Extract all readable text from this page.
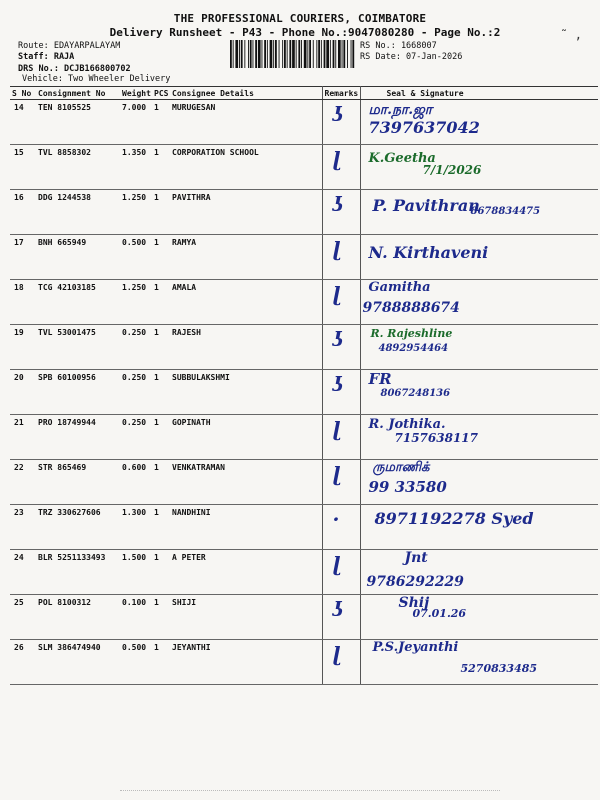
THE PROFESSIONAL COURIERS, COIMBATORE
Delivery Runsheet - P43 - Phone No.:9047080280 - Page No.:2
Route: EDAYARPALAYAM
Staff: RAJA
DRS No.: DCJB166800702
Vehicle: Two Wheeler Delivery
RS No.: 1668007
RS Date: 07-Jan-2026
˜ ,
S No	Consignment No	Weight	PCS	Consignee Details	Remarks	Seal & Signature
14	TEN 8105525	7.000	1	MURUGESAN	ʖ	மா.நா.ஜா
7397637042

15	TVL 8858302	1.350	1	CORPORATION SCHOOL	ɭ	K.Geetha
7/1/2026

16	DDG 1244538	1.250	1	PAVITHRA	ʖ	P. Pavithran
8678834475

17	BNH 665949	0.500	1	RAMYA	ɭ	N. Kirthaveni

18	TCG 42103185	1.250	1	AMALA	ɭ	Gamitha
9788888674

19	TVL 53001475	0.250	1	RAJESH	ʖ	R. Rajeshline
4892954464

20	SPB 60100956	0.250	1	SUBBULAKSHMI	ʖ	FR
8067248136

21	PRO 18749944	0.250	1	GOPINATH	ɭ	R. Jothika.
7157638117

22	STR 865469	0.600	1	VENKATRAMAN	ɭ	ருமாணிக்
99 33580

23	TRZ 330627606	1.300	1	NANDHINI	·	8971192278 Syed

24	BLR 5251133493	1.500	1	A PETER	ɭ	Jnt
9786292229

25	POL 8100312	0.100	1	SHIJI	ʖ	Shij
07.01.26

26	SLM 386474940	0.500	1	JEYANTHI	ɭ	P.S.Jeyanthi
5270833485
